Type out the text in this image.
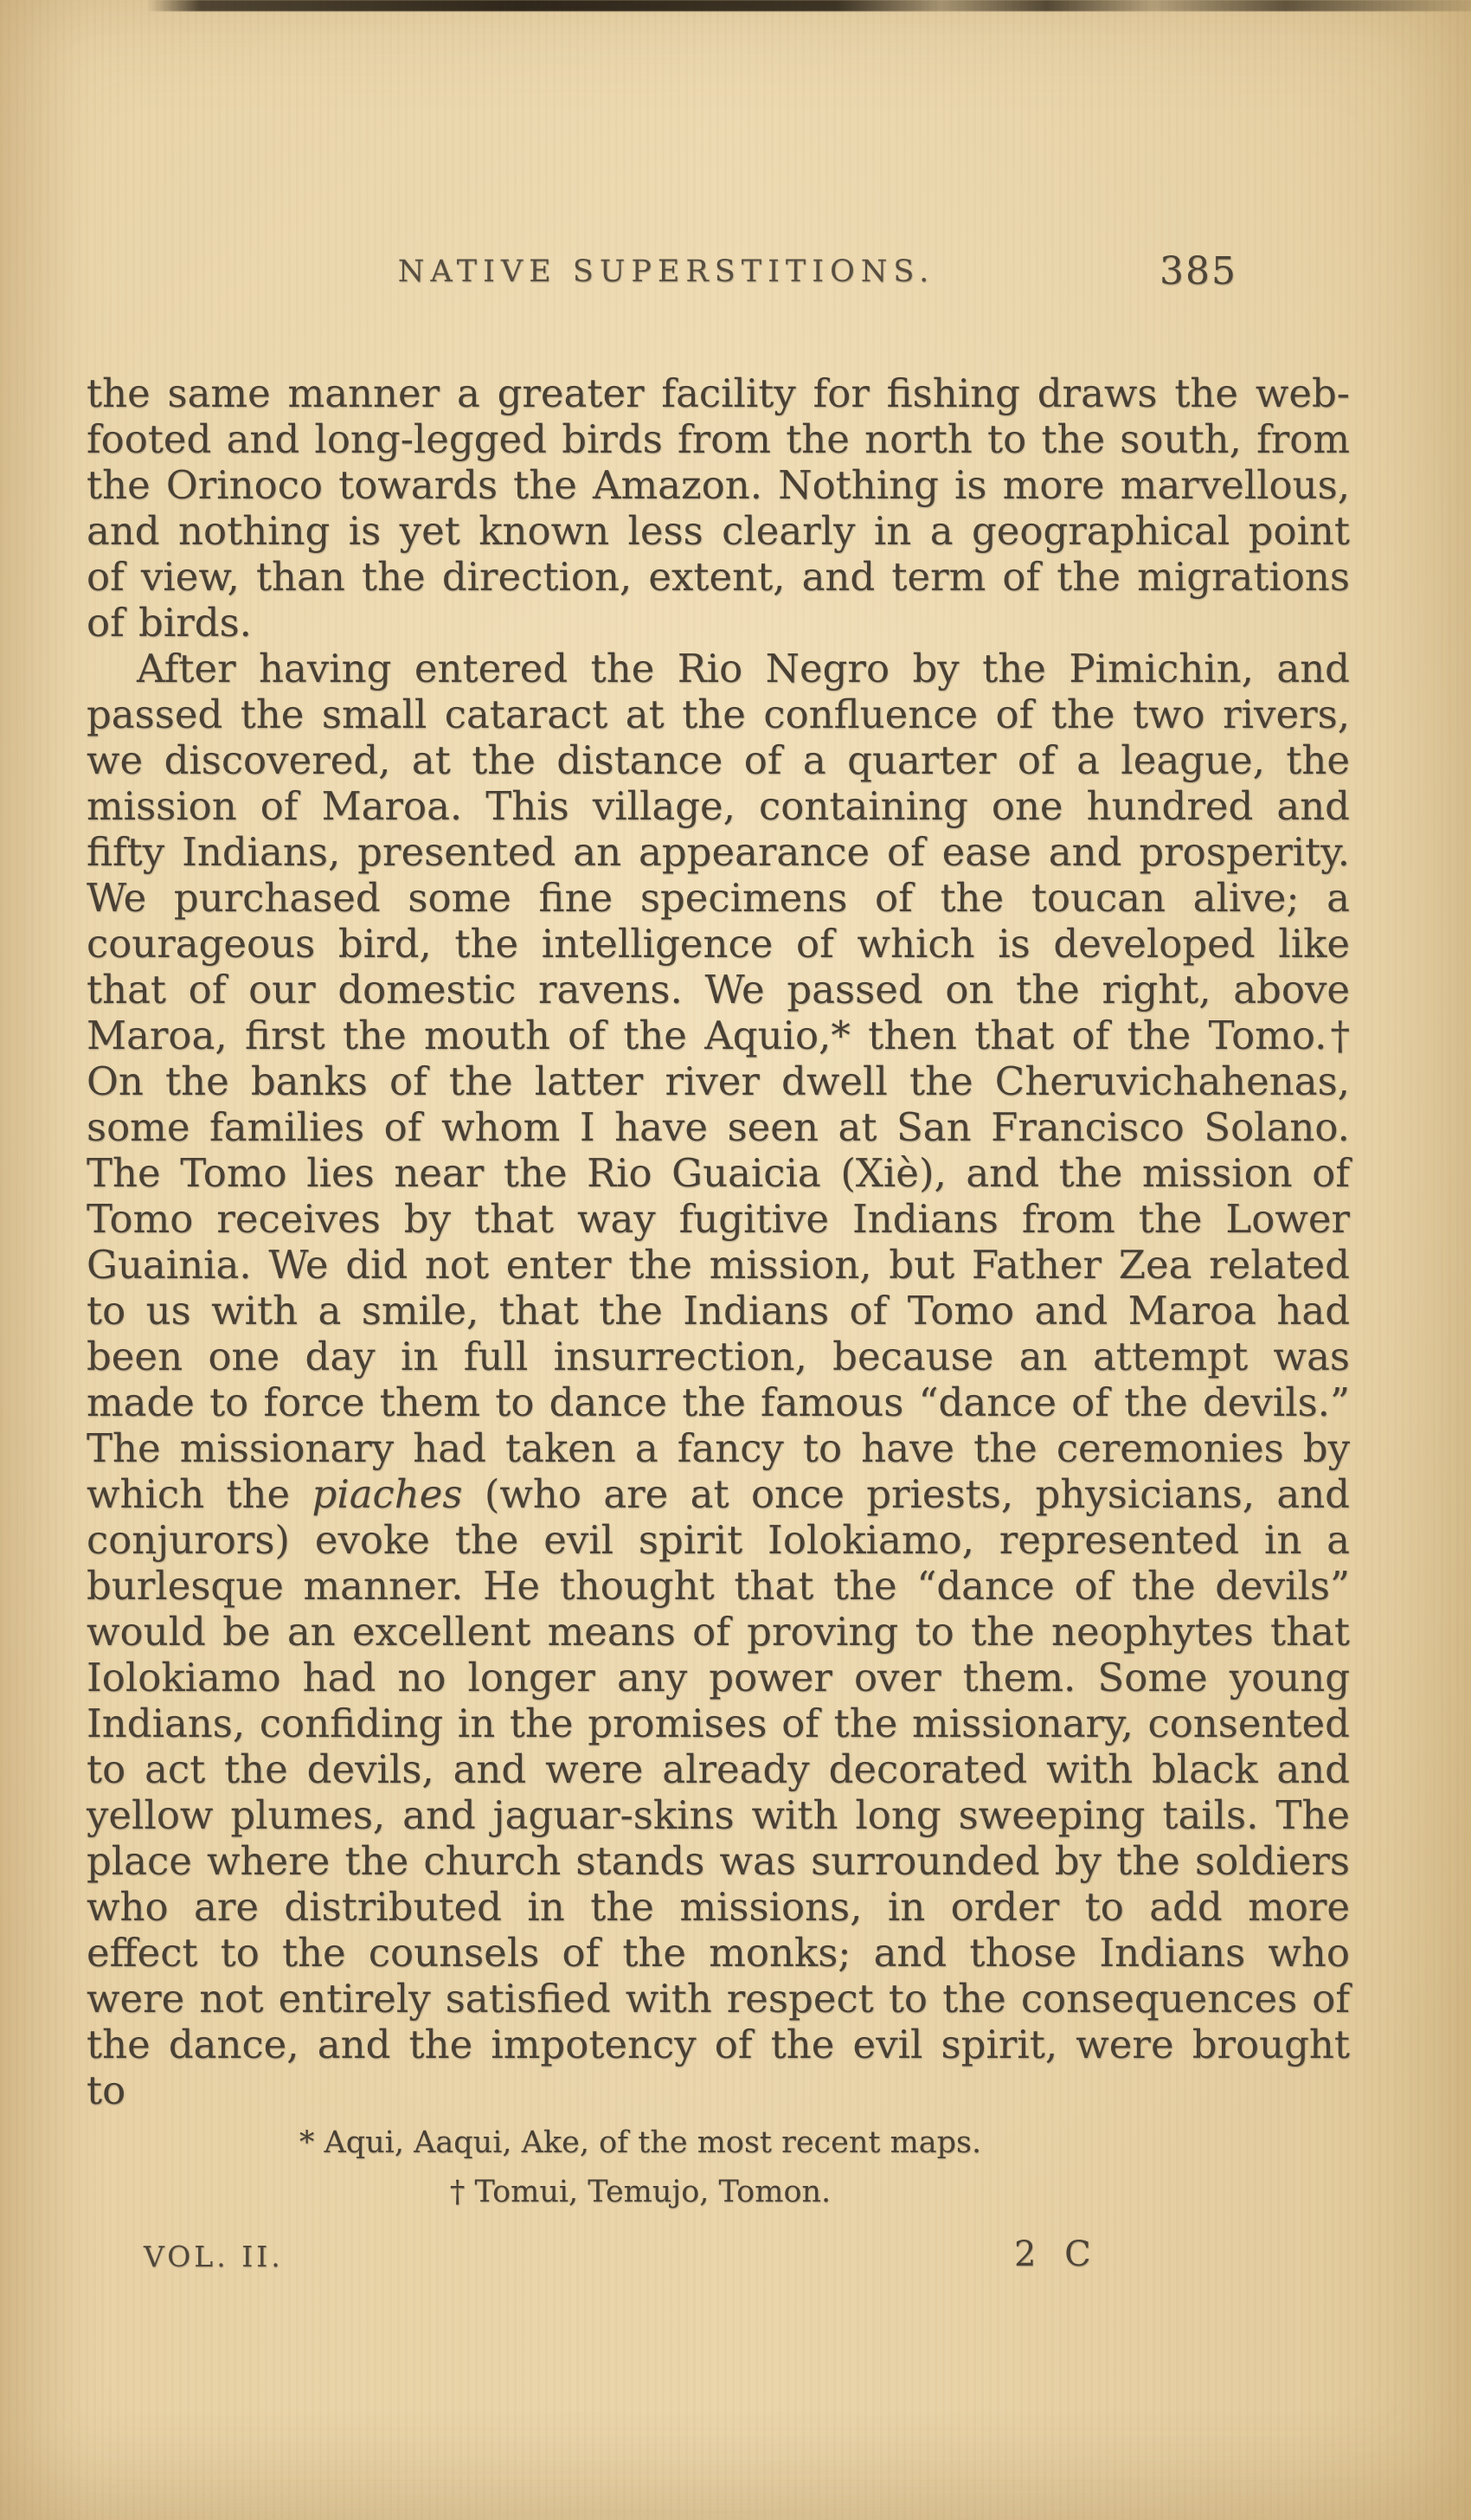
NATIVE SUPERSTITIONS.	385

the same manner a greater facility for fishing draws the web-footed and long-legged birds from the north to the south, from the Orinoco towards the Amazon. Nothing is more marvellous, and nothing is yet known less clearly in a geographical point of view, than the direction, extent, and term of the migrations of birds.

After having entered the Rio Negro by the Pimichin, and passed the small cataract at the confluence of the two rivers, we discovered, at the distance of a quarter of a league, the mission of Maroa. This village, containing one hundred and fifty Indians, presented an appearance of ease and prosperity. We purchased some fine specimens of the toucan alive; a courageous bird, the intelligence of which is developed like that of our domestic ravens. We passed on the right, above Maroa, first the mouth of the Aquio,* then that of the Tomo.† On the banks of the latter river dwell the Cheruvichahenas, some families of whom I have seen at San Francisco Solano. The Tomo lies near the Rio Guaicia (Xiè), and the mission of Tomo receives by that way fugitive Indians from the Lower Guainia. We did not enter the mission, but Father Zea related to us with a smile, that the Indians of Tomo and Maroa had been one day in full insurrection, because an attempt was made to force them to dance the famous “dance of the devils.” The missionary had taken a fancy to have the ceremonies by which the piaches (who are at once priests, physicians, and conjurors) evoke the evil spirit Iolokiamo, represented in a burlesque manner. He thought that the “dance of the devils” would be an excellent means of proving to the neophytes that Iolokiamo had no longer any power over them. Some young Indians, confiding in the promises of the missionary, consented to act the devils, and were already decorated with black and yellow plumes, and jaguar-skins with long sweeping tails. The place where the church stands was surrounded by the soldiers who are distributed in the missions, in order to add more effect to the counsels of the monks; and those Indians who were not entirely satisfied with respect to the consequences of the dance, and the impotency of the evil spirit, were brought to

* Aqui, Aaqui, Ake, of the most recent maps.
† Tomui, Temujo, Tomon.
VOL. II.	2 C
